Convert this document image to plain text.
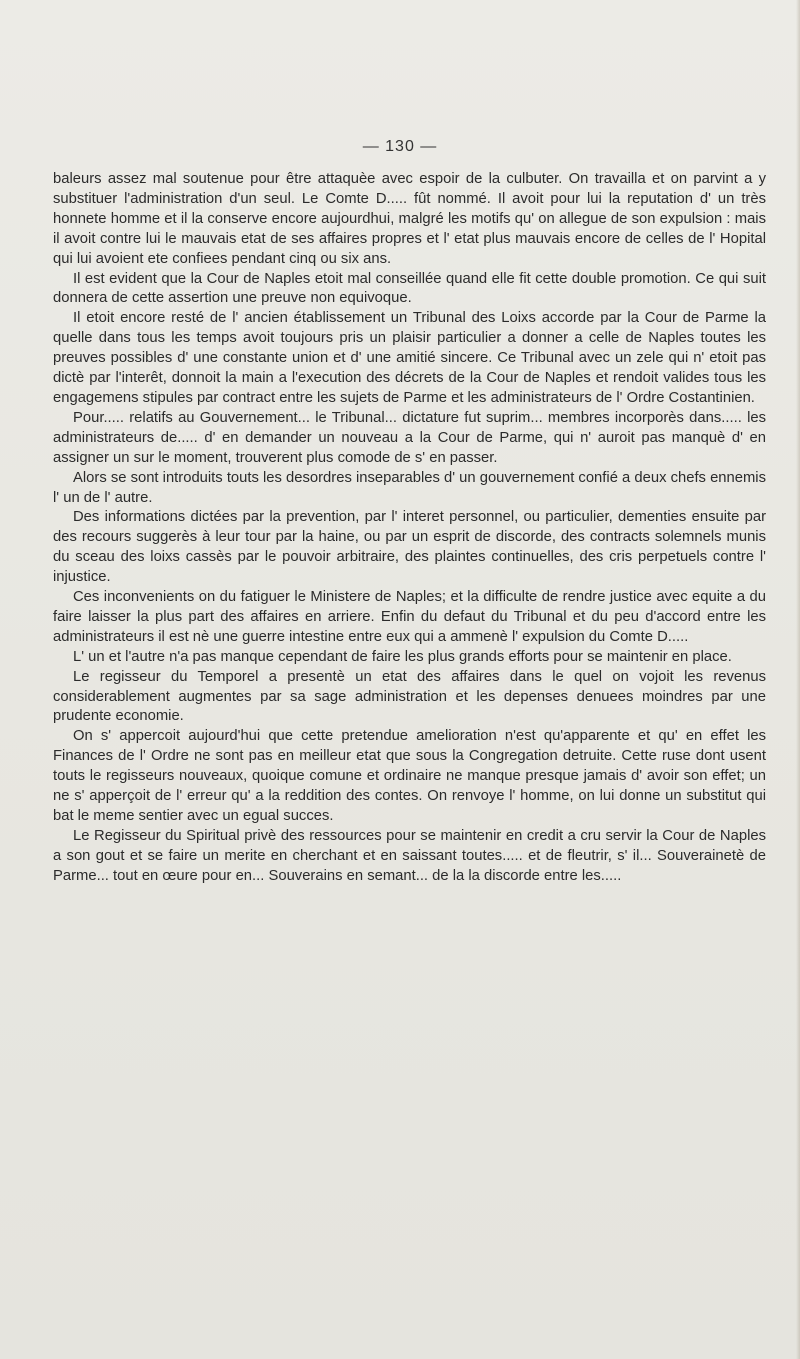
— 130 —

baleurs assez mal soutenue pour être attaquèe avec espoir de la culbuter. On travailla et on parvint a y substituer l'administration d'un seul. Le Comte D..... fût nommé. Il avoit pour lui la reputation d' un très honnete homme et il la conserve encore aujourdhui, malgré les motifs qu' on allegue de son expulsion : mais il avoit contre lui le mauvais etat de ses affaires propres et l' etat plus mauvais encore de celles de l' Hopital qui lui avoient ete confiees pendant cinq ou six ans.

Il est evident que la Cour de Naples etoit mal conseillée quand elle fit cette double promotion. Ce qui suit donnera de cette assertion une preuve non equivoque.

Il etoit encore resté de l' ancien établissement un Tribunal des Loixs accorde par la Cour de Parme la quelle dans tous les temps avoit toujours pris un plaisir particulier a donner a celle de Naples toutes les preuves possibles d' une constante union et d' une amitié sincere. Ce Tribunal avec un zele qui n' etoit pas dictè par l'interêt, donnoit la main a l'execution des décrets de la Cour de Naples et rendoit valides tous les engagemens stipules par contract entre les sujets de Parme et les administrateurs de l' Ordre Costantinien.

Pour..... relatifs au Gouvernement... le Tribunal... dictature fut suprim... membres incorporès dans..... les administrateurs de..... d' en demander un nouveau a la Cour de Parme, qui n' auroit pas manquè d' en assigner un sur le moment, trouverent plus comode de s' en passer.

Alors se sont introduits touts les desordres inseparables d' un gouvernement confié a deux chefs ennemis l' un de l' autre.

Des informations dictées par la prevention, par l' interet personnel, ou particulier, dementies ensuite par des recours suggerès à leur tour par la haine, ou par un esprit de discorde, des contracts solemnels munis du sceau des loixs cassès par le pouvoir arbitraire, des plaintes continuelles, des cris perpetuels contre l' injustice.

Ces inconvenients on du fatiguer le Ministere de Naples; et la difficulte de rendre justice avec equite a du faire laisser la plus part des affaires en arriere. Enfin du defaut du Tribunal et du peu d'accord entre les administrateurs il est nè une guerre intestine entre eux qui a ammenè l' expulsion du Comte D.....

L' un et l'autre n'a pas manque cependant de faire les plus grands efforts pour se maintenir en place.

Le regisseur du Temporel a presentè un etat des affaires dans le quel on vojoit les revenus considerablement augmentes par sa sage administration et les depenses denuees moindres par une prudente economie.

On s' appercoit aujourd'hui que cette pretendue amelioration n'est qu'apparente et qu' en effet les Finances de l' Ordre ne sont pas en meilleur etat que sous la Congregation detruite. Cette ruse dont usent touts le regisseurs nouveaux, quoique comune et ordinaire ne manque presque jamais d' avoir son effet; un ne s' apperçoit de l' erreur qu' a la reddition des contes. On renvoye l' homme, on lui donne un substitut qui bat le meme sentier avec un egual succes.

Le Regisseur du Spiritual privè des ressources pour se maintenir en credit a cru servir la Cour de Naples a son gout et se faire un merite en cherchant et en saissant toutes..... et de fleutrir, s' il... Souverainetè de Parme... tout en œure pour en... Souverains en semant... de la la discorde entre les.....
